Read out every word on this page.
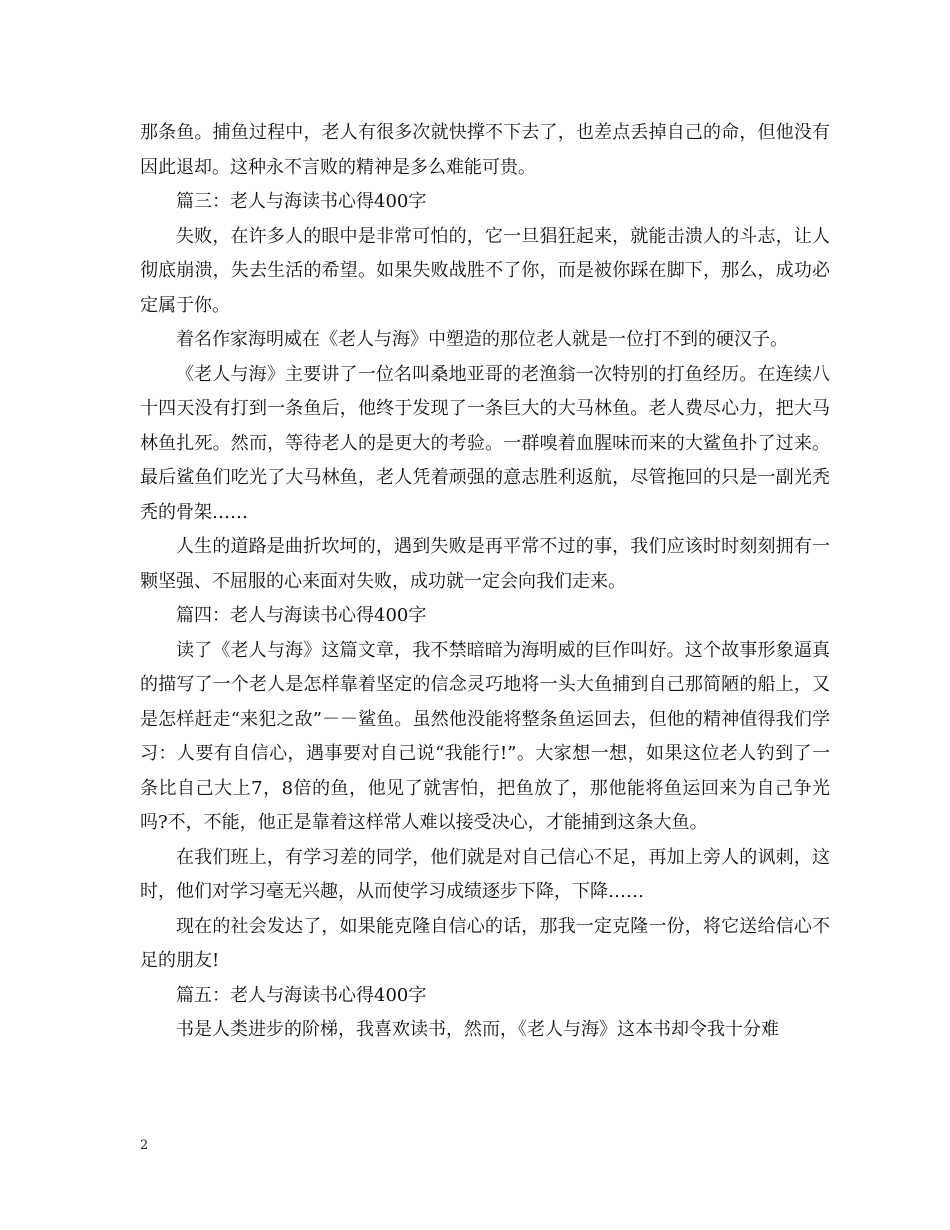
那条鱼。捕鱼过程中，老人有很多次就快撑不下去了，也差点丢掉自己的命，但他没有因此退却。这种永不言败的精神是多么难能可贵。

篇三：老人与海读书心得400字

失败，在许多人的眼中是非常可怕的，它一旦猖狂起来，就能击溃人的斗志，让人彻底崩溃，失去生活的希望。如果失败战胜不了你，而是被你踩在脚下，那么，成功必定属于你。

着名作家海明威在《老人与海》中塑造的那位老人就是一位打不到的硬汉子。

《老人与海》主要讲了一位名叫桑地亚哥的老渔翁一次特别的打鱼经历。在连续八十四天没有打到一条鱼后，他终于发现了一条巨大的大马林鱼。老人费尽心力，把大马林鱼扎死。然而，等待老人的是更大的考验。一群嗅着血腥味而来的大鲨鱼扑了过来。最后鲨鱼们吃光了大马林鱼，老人凭着顽强的意志胜利返航，尽管拖回的只是一副光秃秃的骨架……

人生的道路是曲折坎坷的，遇到失败是再平常不过的事，我们应该时时刻刻拥有一颗坚强、不屈服的心来面对失败，成功就一定会向我们走来。

篇四：老人与海读书心得400字

读了《老人与海》这篇文章，我不禁暗暗为海明威的巨作叫好。这个故事形象逼真的描写了一个老人是怎样靠着坚定的信念灵巧地将一头大鱼捕到自己那简陋的船上，又是怎样赶走“来犯之敌”－－鲨鱼。虽然他没能将整条鱼运回去，但他的精神值得我们学习：人要有自信心，遇事要对自己说“我能行!”。大家想一想，如果这位老人钓到了一条比自己大上7，8倍的鱼，他见了就害怕，把鱼放了，那他能将鱼运回来为自己争光吗?不，不能，他正是靠着这样常人难以接受决心，才能捕到这条大鱼。

在我们班上，有学习差的同学，他们就是对自己信心不足，再加上旁人的讽刺，这时，他们对学习毫无兴趣，从而使学习成绩逐步下降，下降……

现在的社会发达了，如果能克隆自信心的话，那我一定克隆一份，将它送给信心不足的朋友!

篇五：老人与海读书心得400字

书是人类进步的阶梯，我喜欢读书，然而，《老人与海》这本书却令我十分难

2
